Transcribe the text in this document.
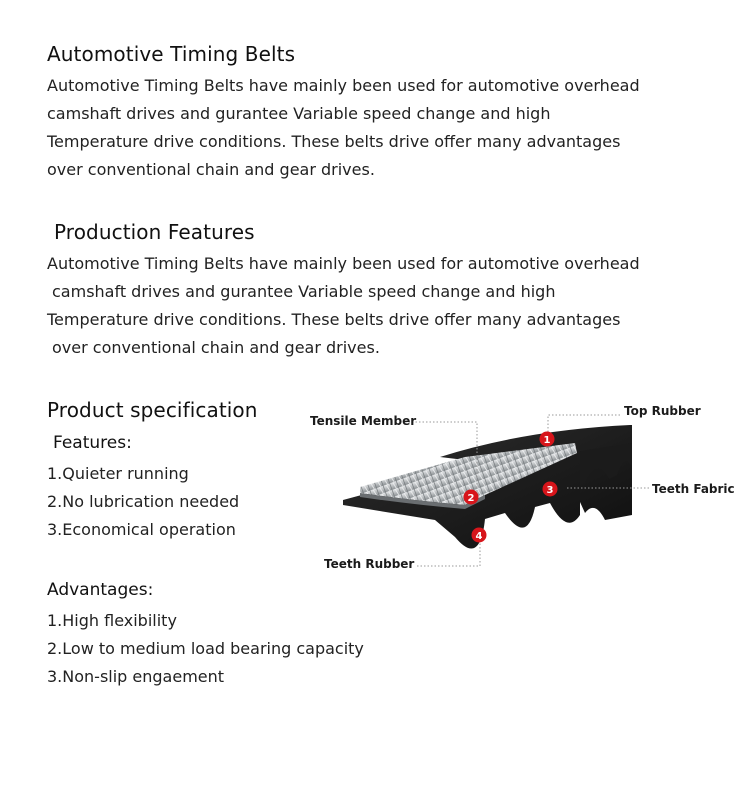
Automotive Timing Belts
Automotive Timing Belts have mainly been used for automotive overhead
camshaft drives and gurantee Variable speed change and high
Temperature drive conditions. These belts drive offer many advantages
over conventional chain and gear drives.
Production Features
Automotive Timing Belts have mainly been used for automotive overhead
camshaft drives and gurantee Variable speed change and high
Temperature drive conditions. These belts drive offer many advantages
over conventional chain and gear drives.
Product specification
Features:
1.Quieter running
2.No lubrication needed
3.Economical operation
Advantages:
1.High flexibility
2.Low to medium load bearing capacity
3.Non-slip engaement
1
2
3
4
Tensile Member
Top Rubber
Teeth Fabric
Teeth Rubber
